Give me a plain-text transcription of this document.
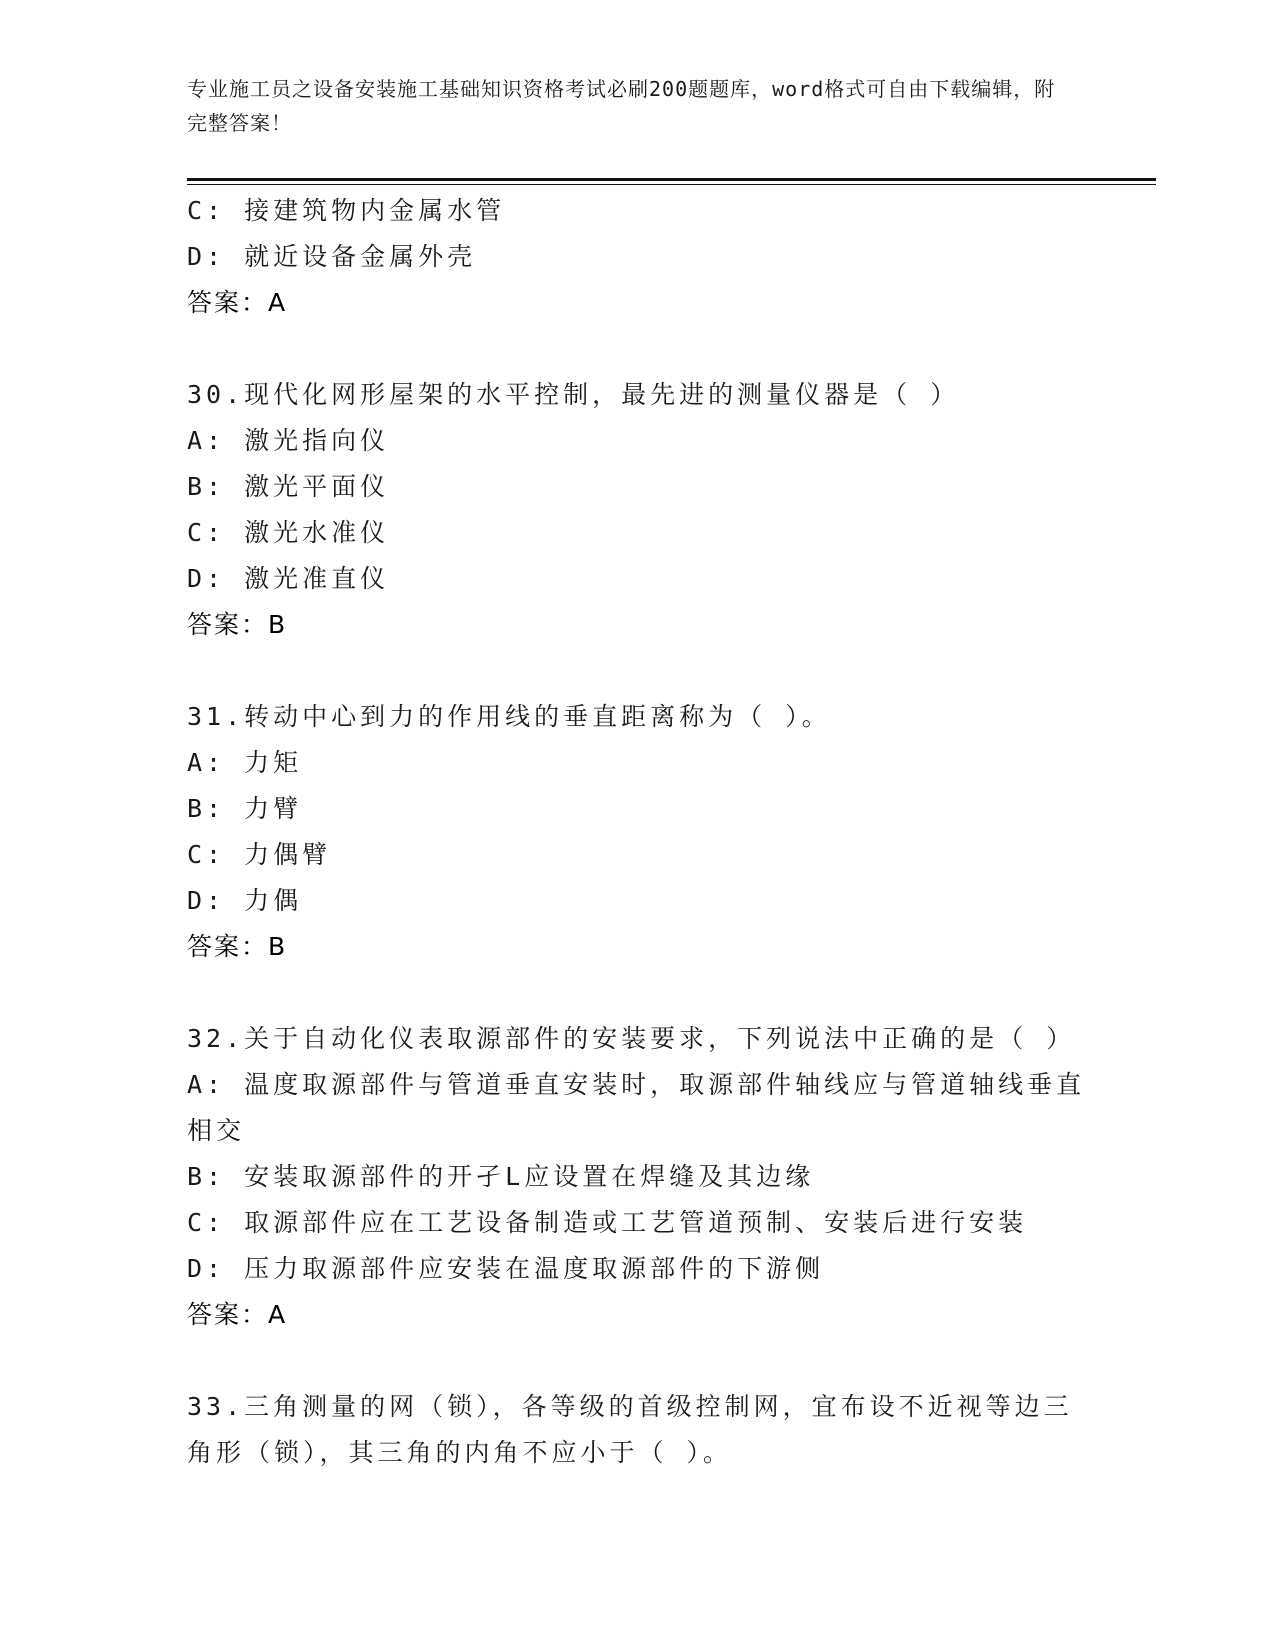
专业施工员之设备安装施工基础知识资格考试必刷200题题库，word格式可自由下载编辑，附完整答案！
C: 接建筑物内金属水管
D: 就近设备金属外壳
答案：A
30.现代化网形屋架的水平控制，最先进的测量仪器是（ ）
A: 激光指向仪
B: 激光平面仪
C: 激光水准仪
D: 激光准直仪
答案：B
31.转动中心到力的作用线的垂直距离称为（ ）。
A: 力矩
B: 力臂
C: 力偶臂
D: 力偶
答案：B
32.关于自动化仪表取源部件的安装要求，下列说法中正确的是（ ）
A: 温度取源部件与管道垂直安装时，取源部件轴线应与管道轴线垂直相交
B: 安装取源部件的开孑L应设置在焊缝及其边缘
C: 取源部件应在工艺设备制造或工艺管道预制、安装后进行安装
D: 压力取源部件应安装在温度取源部件的下游侧
答案：A
33.三角测量的网（锁），各等级的首级控制网，宜布设不近视等边三角形（锁），其三角的内角不应小于（ ）。
